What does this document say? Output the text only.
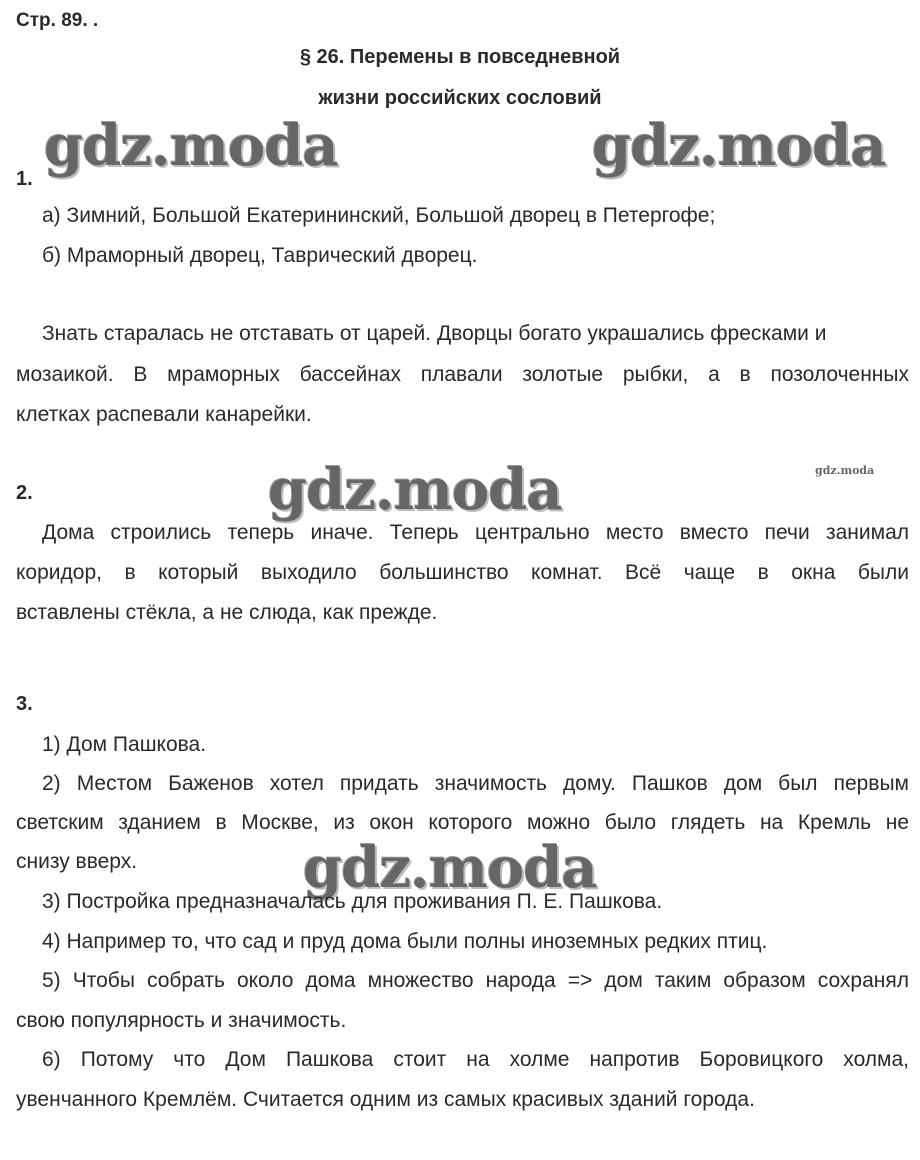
Стр. 89. .
§ 26. Перемены в повседневной
жизни российских сословий
gdz.moda	gdz.moda
gdz.moda	gdz.moda
gdz.moda
1.
а) Зимний, Большой Екатерининский, Большой дворец в Петергофе;
б) Мраморный дворец, Таврический дворец.
Знать старалась не отставать от царей. Дворцы богато украшались фресками и
мозаикой. В мраморных бассейнах плавали золотые рыбки, а в позолоченных
клетках распевали канарейки.
2.
Дома строились теперь иначе. Теперь центрально место вместо печи занимал
коридор, в который выходило большинство комнат. Всё чаще в окна были
вставлены стёкла, а не слюда, как прежде.
3.
1) Дом Пашкова.
2) Местом Баженов хотел придать значимость дому. Пашков дом был первым
светским зданием в Москве, из окон которого можно было глядеть на Кремль не
снизу вверх.
3) Постройка предназначалась для проживания П. Е. Пашкова.
4) Например то, что сад и пруд дома были полны иноземных редких птиц.
5) Чтобы собрать около дома множество народа => дом таким образом сохранял
свою популярность и значимость.
6) Потому что Дом Пашкова стоит на холме напротив Боровицкого холма,
увенчанного Кремлём. Считается одним из самых красивых зданий города.
